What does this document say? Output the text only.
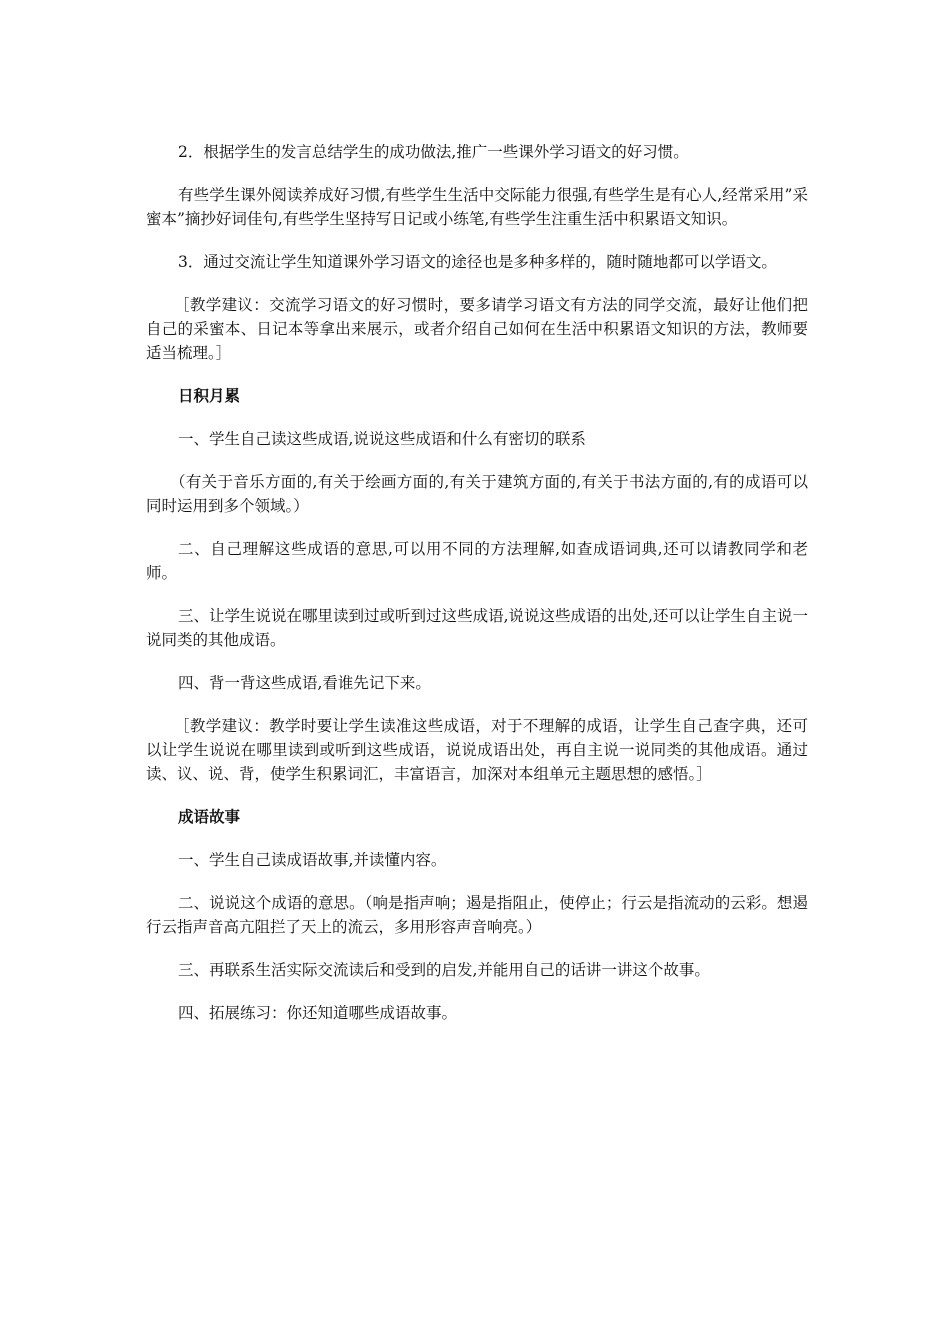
2．根据学生的发言总结学生的成功做法,推广一些课外学习语文的好习惯。

有些学生课外阅读养成好习惯,有些学生生活中交际能力很强,有些学生是有心人,经常采用”采蜜本”摘抄好词佳句,有些学生坚持写日记或小练笔,有些学生注重生活中积累语文知识。

3．通过交流让学生知道课外学习语文的途径也是多种多样的，随时随地都可以学语文。

［教学建议：交流学习语文的好习惯时，要多请学习语文有方法的同学交流，最好让他们把自己的采蜜本、日记本等拿出来展示，或者介绍自己如何在生活中积累语文知识的方法，教师要适当梳理。］

日积月累

一、学生自己读这些成语,说说这些成语和什么有密切的联系

（有关于音乐方面的,有关于绘画方面的,有关于建筑方面的,有关于书法方面的,有的成语可以同时运用到多个领域。）

二、自己理解这些成语的意思,可以用不同的方法理解,如查成语词典,还可以请教同学和老师。

三、让学生说说在哪里读到过或听到过这些成语,说说这些成语的出处,还可以让学生自主说一说同类的其他成语。

四、背一背这些成语,看谁先记下来。

［教学建议：教学时要让学生读准这些成语，对于不理解的成语，让学生自己查字典，还可以让学生说说在哪里读到或听到这些成语，说说成语出处，再自主说一说同类的其他成语。通过读、议、说、背，使学生积累词汇，丰富语言，加深对本组单元主题思想的感悟。］

成语故事

一、学生自己读成语故事,并读懂内容。

二、说说这个成语的意思。（响是指声响；遏是指阻止，使停止；行云是指流动的云彩。想遏行云指声音高亢阻拦了天上的流云，多用形容声音响亮。）

三、再联系生活实际交流读后和受到的启发,并能用自己的话讲一讲这个故事。

四、拓展练习：你还知道哪些成语故事。
